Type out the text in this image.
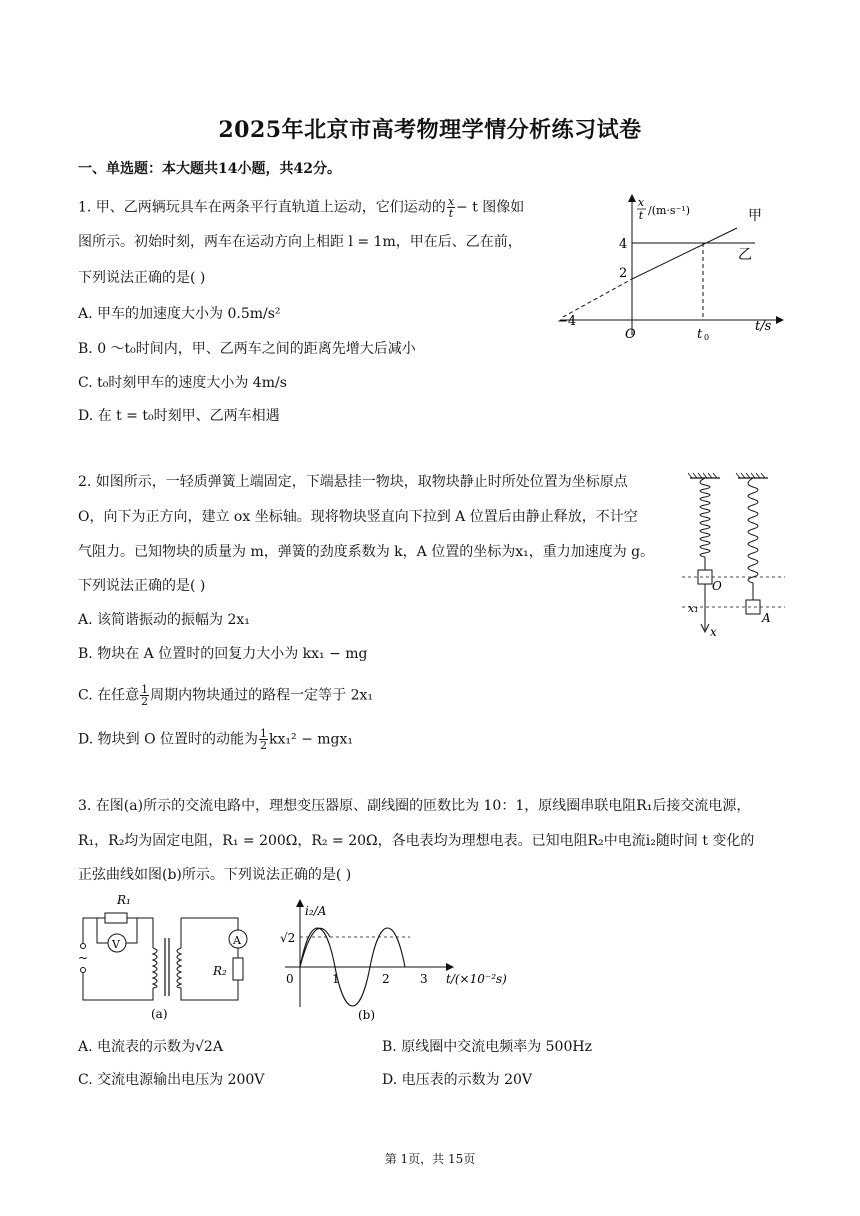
2025年北京市高考物理学情分析练习试卷
一、单选题：本大题共14小题，共42分。
1. 甲、乙两辆玩具车在两条平行直轨道上运动，它们运动的 $\frac{x}{t} - t$ 图像如
图所示。初始时刻，两车在运动方向上相距 l = 1m，甲在后、乙在前，
下列说法正确的是( )
A. 甲车的加速度大小为 0.5m/s²
B. 0 ～t₀时间内，甲、乙两车之间的距离先增大后减小
C. t₀时刻甲车的速度大小为 4m/s
D. 在 t = t₀时刻甲、乙两车相遇
x
t /(m·s⁻¹)	甲
乙
4
2
−4
O	t 0
t/s
2. 如图所示，一轻质弹簧上端固定，下端悬挂一物块，取物块静止时所处位置为坐标原点
O，向下为正方向，建立 ox 坐标轴。现将物块竖直向下拉到 A 位置后由静止释放，不计空
气阻力。已知物块的质量为 m，弹簧的劲度系数为 k，A 位置的坐标为x₁，重力加速度为 g。
下列说法正确的是( )
A. 该简谐振动的振幅为 2x₁
B. 物块在 A 位置时的回复力大小为 kx₁ − mg
C. 在任意 $\frac{1}{2}$ 周期内物块通过的路程一定等于 2x₁
D. 物块到 O 位置时的动能为 $\frac{1}{2} kx_1^2 - mgx_1$
O
A
x₁
x
3. 在图(a)所示的交流电路中，理想变压器原、副线圈的匝数比为 10：1，原线圈串联电阻R₁后接交流电源，
R₁，R₂均为固定电阻，R₁ = 200Ω，R₂ = 20Ω，各电表均为理想电表。已知电阻R₂中电流i₂随时间 t 变化的
正弦曲线如图(b)所示。下列说法正确的是( )
R₁
V
~
A
R₂
(a)
√2
i₂/A
0	1	2	3 t/(×10⁻²s)
(b)
A. 电流表的示数为√2A	B. 原线圈中交流电频率为 500Hz
C. 交流电源输出电压为 200V	D. 电压表的示数为 20V
第 1页，共 15页
